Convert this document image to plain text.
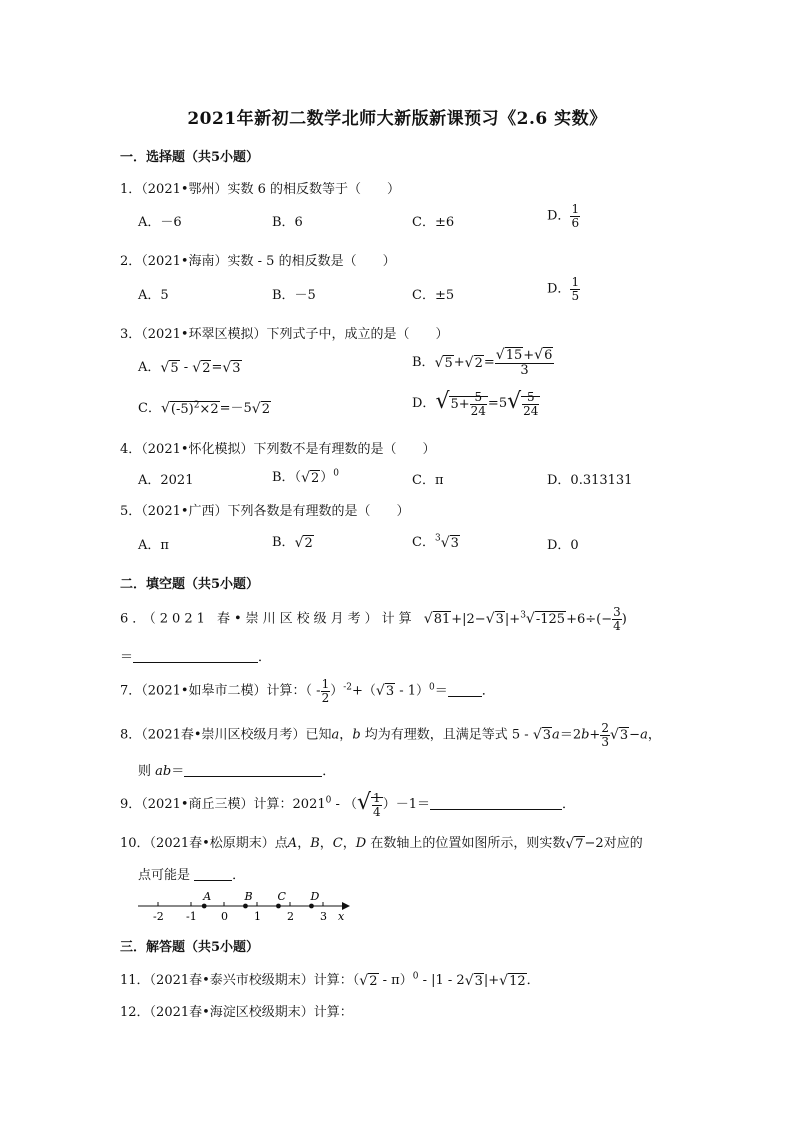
2021年新初二数学北师大新版新课预习《2.6 实数》
一．选择题（共5小题）
1．（2021•鄂州）实数 6 的相反数等于（　　）
A．－6	B．6	C．±6	D． $\frac{1}{6}$
2．（2021•海南）实数 - 5 的相反数是（　　）
A．5	B．－5	C．±5	D． $\frac{1}{5}$
3．（2021•环翠区模拟）下列式子中，成立的是（　　）
A．√5 - √2=√3	B．$√5+√2= \frac{√15+√6}{3}$
C．$√(-5)^2\times 2=-5√2$	D．$√5+ \frac{5}{24} =5√ \frac{5}{24}$
4．（2021•怀化模拟）下列数不是有理数的是（　　）
A．2021	B．$(√2)^0$	C．π	D．0.313131
5．（2021•广西）下列各数是有理数的是（　　）
A．π	B．√2	C．$^3$√3	D．0
二．填空题（共5小题）
6．（2021 春•崇川区校级月考）计算 $√81+|2-√3|+^3√-125+6\div(- \frac{3}{4}$ )
＝	．
7．（2021•如皋市二模）计算：（ - $\frac{1}{2} )^{-2}+(√3 - 1)^0=$	．
8．（2021春•崇川区校级月考）已知a，b 均为有理数，且满足等式 $5 - √3a=2b+ \frac{2}{3} √3-a$，
则 ab＝	．
9．（2021•商丘三模）计算：2021$^0$ - （√ $\frac{1}{4} )-1=$	．
10．（2021春•松原期末）点A，B，C，D 在数轴上的位置如图所示，则实数√7−2对应的
点可能是	．
x
-2 -1 0 1 2 3
A	B C D
三．解答题（共5小题）
11．（2021春•泰兴市校级期末）计算：（√2 - π）$^0$ - |1 - 2√3|+√12．
12．（2021春•海淀区校级期末）计算：
